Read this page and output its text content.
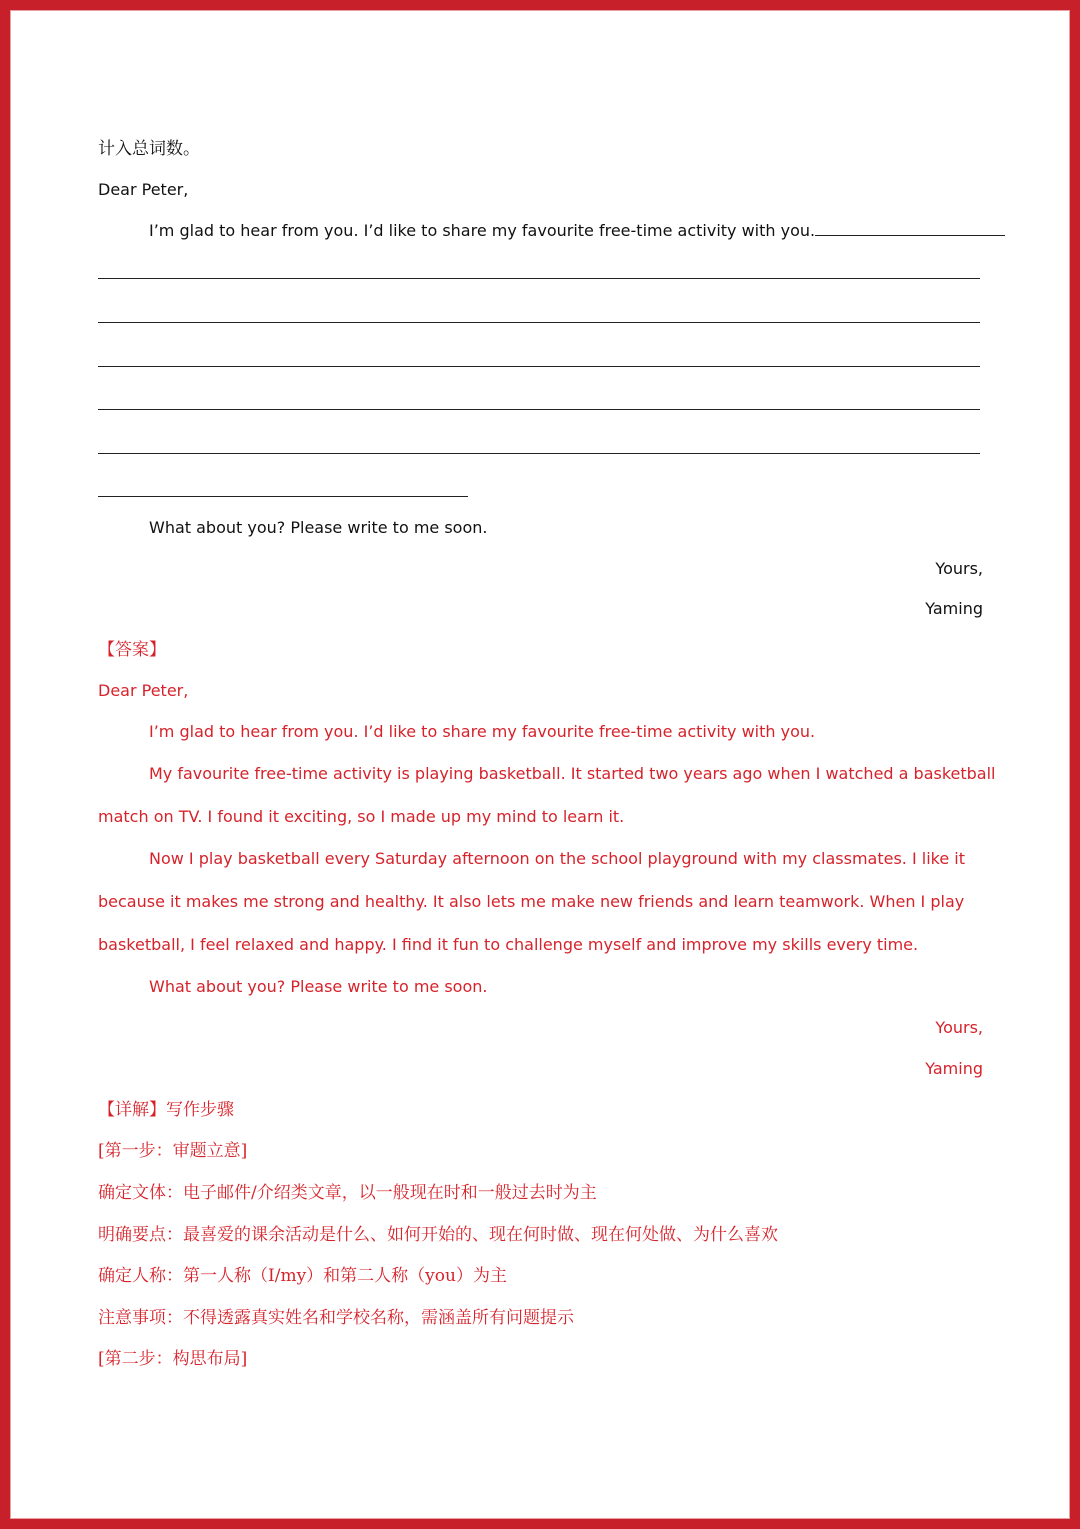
计入总词数。
Dear Peter,
I’m glad to hear from you. I’d like to share my favourite free-time activity with you.
What about you? Please write to me soon.
Yours,
Yaming
【答案】
Dear Peter,
I’m glad to hear from you. I’d like to share my favourite free-time activity with you.
My favourite free-time activity is playing basketball. It started two years ago when I watched a basketball
match on TV. I found it exciting, so I made up my mind to learn it.
Now I play basketball every Saturday afternoon on the school playground with my classmates. I like it
because it makes me strong and healthy. It also lets me make new friends and learn teamwork. When I play
basketball, I feel relaxed and happy. I find it fun to challenge myself and improve my skills every time.
What about you? Please write to me soon.
Yours,
Yaming
【详解】写作步骤
[第一步：审题立意]
确定文体：电子邮件/介绍类文章，以一般现在时和一般过去时为主
明确要点：最喜爱的课余活动是什么、如何开始的、现在何时做、现在何处做、为什么喜欢
确定人称：第一人称（I/my）和第二人称（you）为主
注意事项：不得透露真实姓名和学校名称，需涵盖所有问题提示
[第二步：构思布局]
